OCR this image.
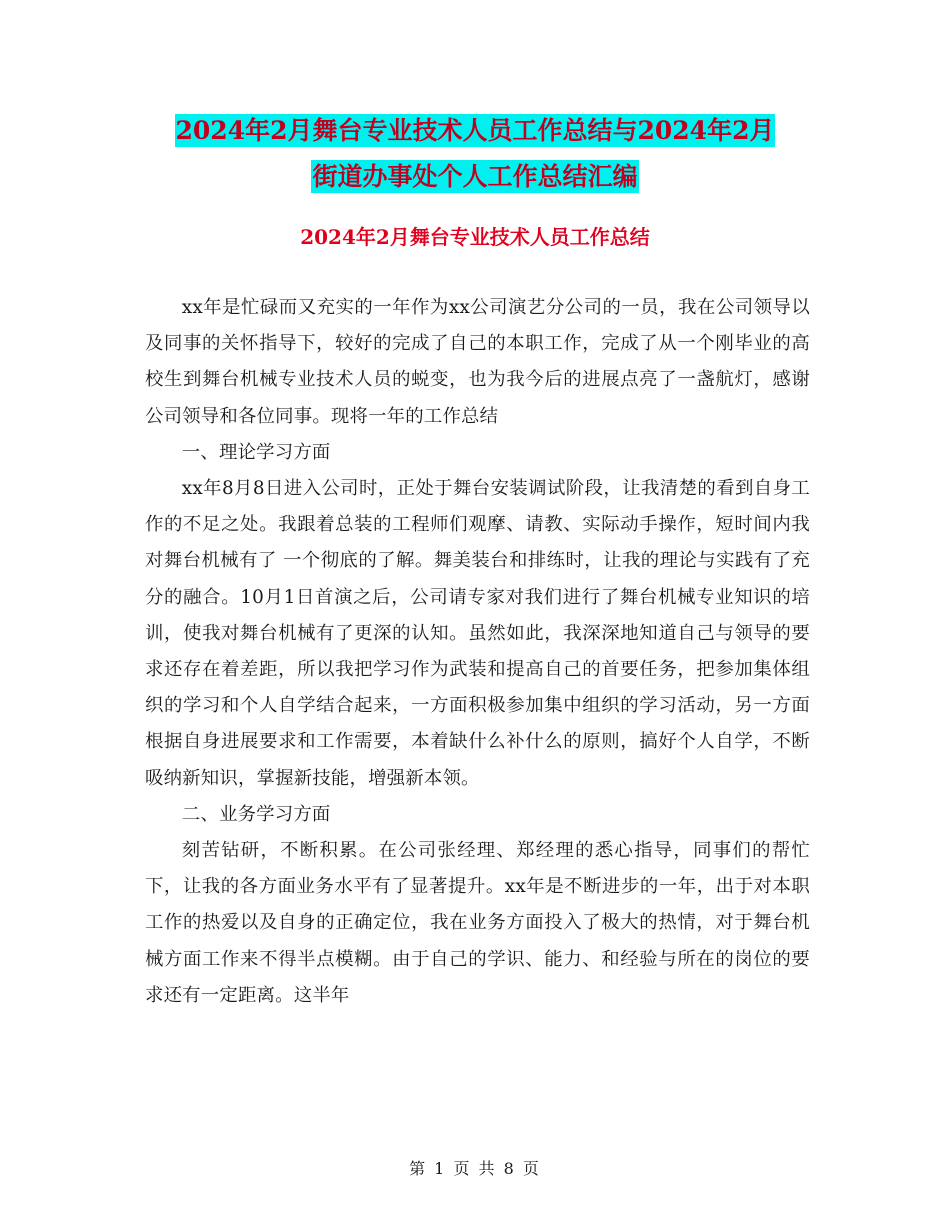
2024年2月舞台专业技术人员工作总结与2024年2月
街道办事处个人工作总结汇编
2024年2月舞台专业技术人员工作总结

xx年是忙碌而又充实的一年作为xx公司演艺分公司的一员，我在公司领导以及同事的关怀指导下，较好的完成了自己的本职工作，完成了从一个刚毕业的高校生到舞台机械专业技术人员的蜕变，也为我今后的进展点亮了一盏航灯，感谢公司领导和各位同事。现将一年的工作总结

一、理论学习方面

xx年8月8日进入公司时，正处于舞台安装调试阶段，让我清楚的看到自身工作的不足之处。我跟着总装的工程师们观摩、请教、实际动手操作，短时间内我对舞台机械有了 一个彻底的了解。舞美装台和排练时，让我的理论与实践有了充分的融合。10月1日首演之后，公司请专家对我们进行了舞台机械专业知识的培训，使我对舞台机械有了更深的认知。虽然如此，我深深地知道自己与领导的要求还存在着差距，所以我把学习作为武装和提高自己的首要任务，把参加集体组织的学习和个人自学结合起来，一方面积极参加集中组织的学习活动，另一方面根据自身进展要求和工作需要，本着缺什么补什么的原则，搞好个人自学，不断吸纳新知识，掌握新技能，增强新本领。

二、业务学习方面

刻苦钻研，不断积累。在公司张经理、郑经理的悉心指导，同事们的帮忙下，让我的各方面业务水平有了显著提升。xx年是不断进步的一年，出于对本职工作的热爱以及自身的正确定位，我在业务方面投入了极大的热情，对于舞台机械方面工作来不得半点模糊。由于自己的学识、能力、和经验与所在的岗位的要求还有一定距离。这半年

第 1 页 共 8 页
